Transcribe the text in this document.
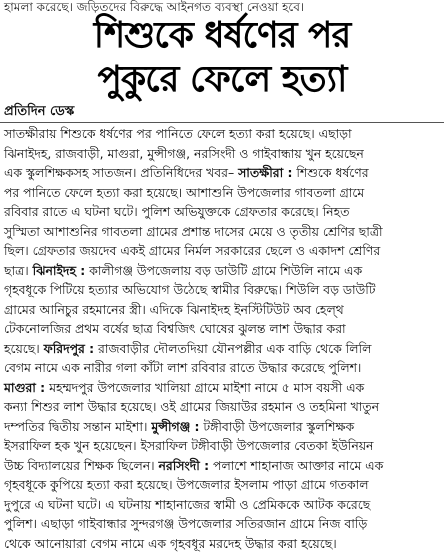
হামলা করেছে। জড়িতদের বিরুদ্ধে আইনগত ব্যবস্থা নেওয়া হবে।
শিশুকে ধর্ষণের পর
পুকুরে ফেলে হত্যা
প্রতিদিন ডেস্ক
সাতক্ষীরায় শিশুকে ধর্ষণের পর পানিতে ফেলে হত্যা করা হয়েছে। এছাড়া
ঝিনাইদহ, রাজবাড়ী, মাগুরা, মুন্সীগঞ্জ, নরসিংদী ও গাইবান্ধায় খুন হয়েছেন
এক স্কুলশিক্ষকসহ সাতজন। প্রতিনিধিদের খবর– সাতক্ষীরা : শিশুকে ধর্ষণের
পর পানিতে ফেলে হত্যা করা হয়েছে। আশাশুনি উপজেলার গাবতলা গ্রামে
রবিবার রাতে এ ঘটনা ঘটে। পুলিশ অভিযুক্তকে গ্রেফতার করেছে। নিহত
সুস্মিতা আশাশুনির গাবতলা গ্রামের প্রশান্ত দাসের মেয়ে ও তৃতীয় শ্রেণির ছাত্রী
ছিল। গ্রেফতার জয়দেব একই গ্রামের নির্মল সরকারের ছেলে ও একাদশ শ্রেণির
ছাত্র। ঝিনাইদহ : কালীগঞ্জ উপজেলায় বড় ডাউটি গ্রামে শিউলি নামে এক
গৃহবধূকে পিটিয়ে হত্যার অভিযোগ উঠেছে স্বামীর বিরুদ্ধে। শিউলি বড় ডাউটি
গ্রামের আনিচুর রহমানের স্ত্রী। এদিকে ঝিনাইদহ ইনস্টিটিউট অব হেল্থ
টেকনোলজির প্রথম বর্ষের ছাত্র বিশ্বজিৎ ঘোষের ঝুলন্ত লাশ উদ্ধার করা
হয়েছে। ফরিদপুর : রাজবাড়ীর দৌলতদিয়া যৌনপল্লীর এক বাড়ি থেকে লিলি
বেগম নামে এক নারীর গলা কাঁটা লাশ রবিবার রাতে উদ্ধার করেছে পুলিশ।
মাগুরা : মহম্মদপুর উপজেলার খালিয়া গ্রামে মাইশা নামে ৫ মাস বয়সী এক
কন্যা শিশুর লাশ উদ্ধার হয়েছে। ওই গ্রামের জিয়াউর রহমান ও তহমিনা খাতুন
দম্পতির দ্বিতীয় সন্তান মাইশা। মুন্সীগঞ্জ : টঙ্গীবাড়ী উপজেলার স্কুলশিক্ষক
ইসরাফিল হক খুন হয়েছেন। ইসরাফিল টঙ্গীবাড়ী উপজেলার বেতকা ইউনিয়ন
উচ্চ বিদ্যালয়ের শিক্ষক ছিলেন। নরসিংদী : পলাশে শাহানাজ আক্তার নামে এক
গৃহবধূকে কুপিয়ে হত্যা করা হয়েছে। উপজেলার ইসলাম পাড়া গ্রামে গতকাল
দুপুরে এ ঘটনা ঘটে। এ ঘটনায় শাহানাজের স্বামী ও প্রেমিককে আটক করেছে
পুলিশ। এছাড়া গাইবান্ধার সুন্দরগঞ্জ উপজেলার সতিরজান গ্রামে নিজ বাড়ি
থেকে আনোয়ারা বেগম নামে এক গৃহবধূর মরদেহ উদ্ধার করা হয়েছে।
